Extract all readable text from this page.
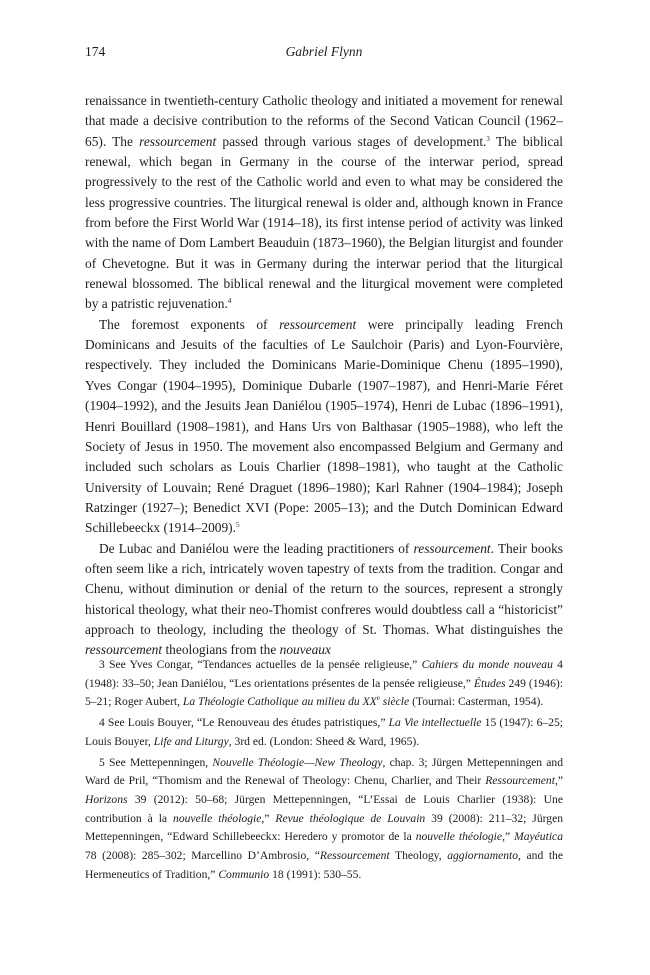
174	Gabriel Flynn

renaissance in twentieth-century Catholic theology and initiated a movement for renewal that made a decisive contribution to the reforms of the Second Vatican Council (1962–65). The ressourcement passed through various stages of development.$^3$ The biblical renewal, which began in Germany in the course of the interwar period, spread progressively to the rest of the Catholic world and even to what may be considered the less progressive countries. The liturgical renewal is older and, although known in France from before the First World War (1914–18), its first intense period of activity was linked with the name of Dom Lambert Beauduin (1873–1960), the Belgian liturgist and founder of Chevetogne. But it was in Germany during the interwar period that the liturgical renewal blossomed. The biblical renewal and the liturgical movement were completed by a patristic rejuvenation.$^4$

The foremost exponents of ressourcement were principally leading French Dominicans and Jesuits of the faculties of Le Saulchoir (Paris) and Lyon-Fourvière, respectively. They included the Dominicans Marie-Dominique Chenu (1895–1990), Yves Congar (1904–1995), Dominique Dubarle (1907–1987), and Henri-Marie Féret (1904–1992), and the Jesuits Jean Daniélou (1905–1974), Henri de Lubac (1896–1991), Henri Bouillard (1908–1981), and Hans Urs von Balthasar (1905–1988), who left the Society of Jesus in 1950. The movement also encompassed Belgium and Germany and included such scholars as Louis Charlier (1898–1981), who taught at the Catholic University of Louvain; René Draguet (1896–1980); Karl Rahner (1904–1984); Joseph Ratzinger (1927–); Benedict XVI (Pope: 2005–13); and the Dutch Dominican Edward Schillebeeckx (1914–2009).$^5$

De Lubac and Daniélou were the leading practitioners of ressourcement. Their books often seem like a rich, intricately woven tapestry of texts from the tradition. Congar and Chenu, without diminution or denial of the return to the sources, represent a strongly historical theology, what their neo-Thomist confreres would doubtless call a “historicist” approach to theology, including the theology of St. Thomas. What distinguishes the ressourcement theologians from the nouveaux

3 See Yves Congar, “Tendances actuelles de la pensée religieuse,” Cahiers du monde nouveau 4 (1948): 33–50; Jean Daniélou, “Les orientations présentes de la pensée religieuse,” Études 249 (1946): 5–21; Roger Aubert, La Théologie Catholique au milieu du XXe siècle (Tournai: Casterman, 1954).

4 See Louis Bouyer, “Le Renouveau des études patristiques,” La Vie intellectuelle 15 (1947): 6–25; Louis Bouyer, Life and Liturgy, 3rd ed. (London: Sheed & Ward, 1965).

5 See Mettepenningen, Nouvelle Théologie—New Theology, chap. 3; Jürgen Mettepenningen and Ward de Pril, “Thomism and the Renewal of Theology: Chenu, Charlier, and Their Ressourcement,” Horizons 39 (2012): 50–68; Jürgen Mettepenningen, “L’Essai de Louis Charlier (1938): Une contribution à la nouvelle théologie,” Revue théologique de Louvain 39 (2008): 211–32; Jürgen Mettepenningen, “Edward Schillebeeckx: Heredero y promotor de la nouvelle théologie,” Mayéutica 78 (2008): 285–302; Marcellino D’Ambrosio, “Ressourcement Theology, aggiornamento, and the Hermeneutics of Tradition,” Communio 18 (1991): 530–55.
